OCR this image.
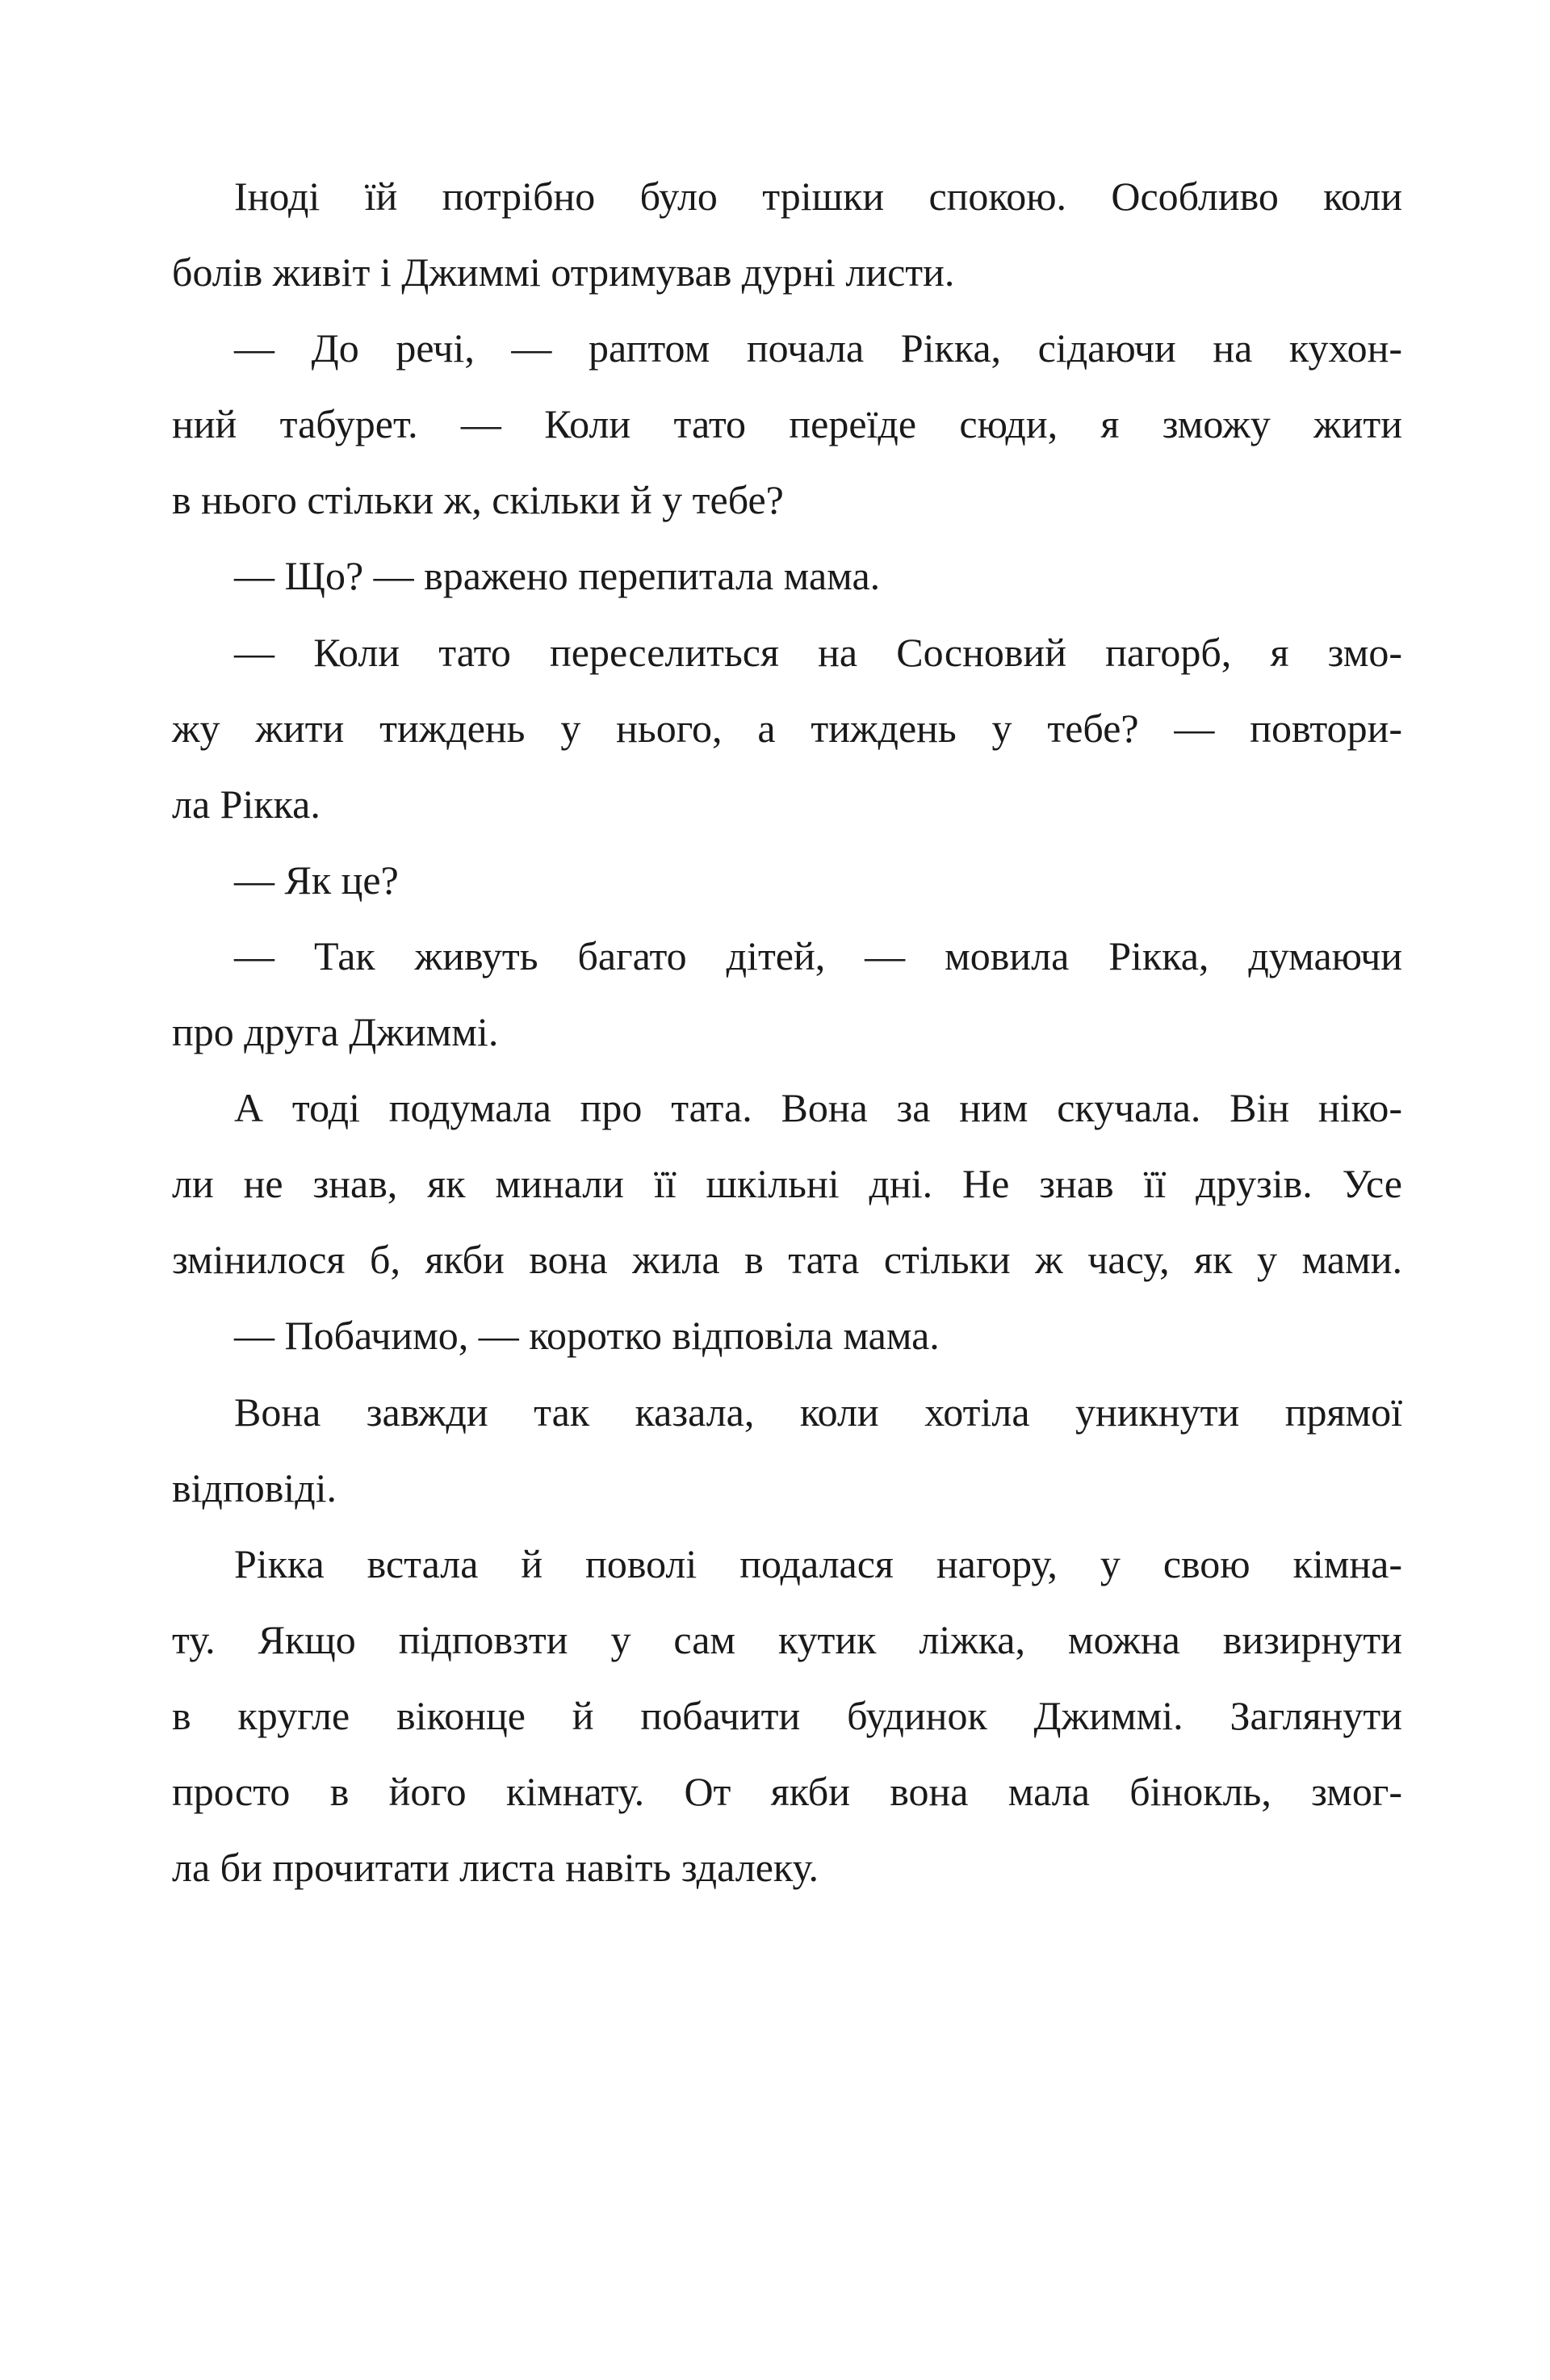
Іноді їй потрібно було трішки спокою. Особливо коли
болів живіт і Джиммі отримував дурні листи.
— До речі, — раптом почала Рікка, сідаючи на кухон-
ний табурет. — Коли тато переїде сюди, я зможу жити
в нього стільки ж, скільки й у тебе?
— Що? — вражено перепитала мама.
— Коли тато переселиться на Сосновий пагорб, я змо-
жу жити тиждень у нього, а тиждень у тебе? — повтори-
ла Рікка.
— Як це?
— Так живуть багато дітей, — мовила Рікка, думаючи
про друга Джиммі.
А тоді подумала про тата. Вона за ним скучала. Він ніко-
ли не знав, як минали її шкільні дні. Не знав її друзів. Усе
змінилося б, якби вона жила в тата стільки ж часу, як у мами.
— Побачимо, — коротко відповіла мама.
Вона завжди так казала, коли хотіла уникнути прямої
відповіді.
Рікка встала й поволі подалася нагору, у свою кімна-
ту. Якщо підповзти у сам кутик ліжка, можна визирнути
в кругле віконце й побачити будинок Джиммі. Заглянути
просто в його кімнату. От якби вона мала бінокль, змог-
ла би прочитати листа навіть здалеку.
